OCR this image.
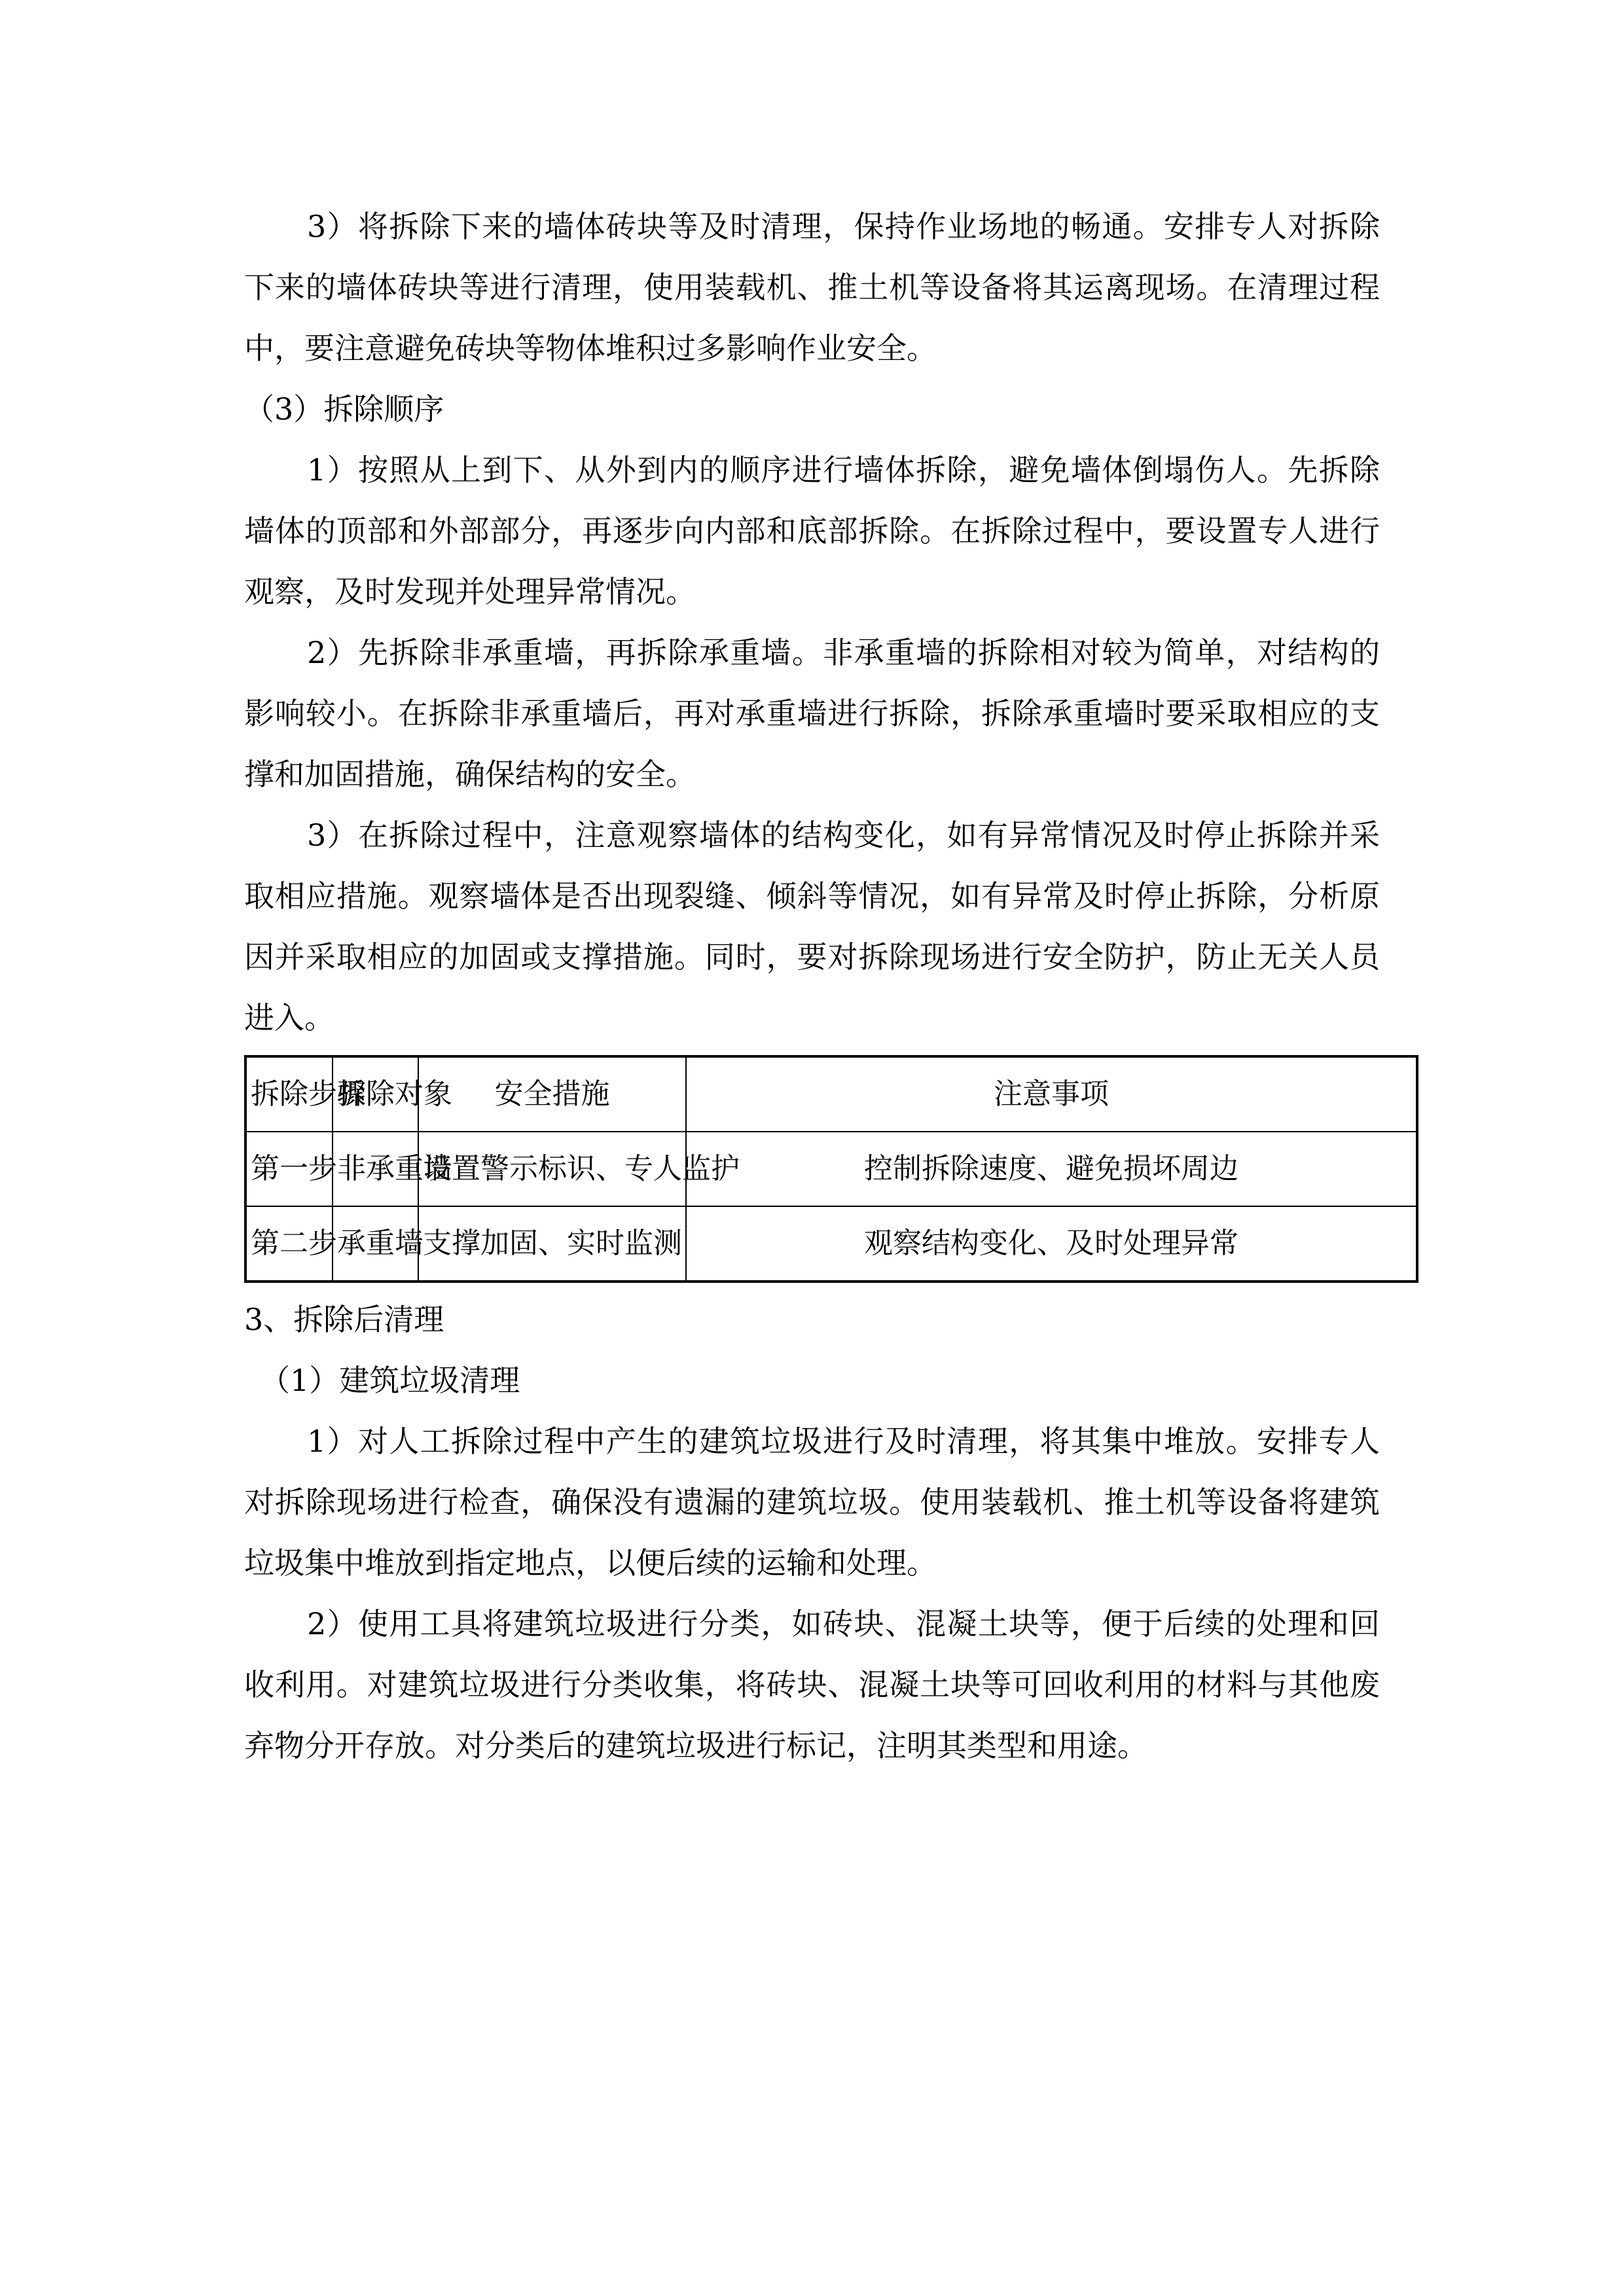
3）将拆除下来的墙体砖块等及时清理，保持作业场地的畅通。安排专人对拆除下来的墙体砖块等进行清理，使用装载机、推土机等设备将其运离现场。在清理过程中，要注意避免砖块等物体堆积过多影响作业安全。

（3）拆除顺序

1）按照从上到下、从外到内的顺序进行墙体拆除，避免墙体倒塌伤人。先拆除墙体的顶部和外部部分，再逐步向内部和底部拆除。在拆除过程中，要设置专人进行观察，及时发现并处理异常情况。

2）先拆除非承重墙，再拆除承重墙。非承重墙的拆除相对较为简单，对结构的影响较小。在拆除非承重墙后，再对承重墙进行拆除，拆除承重墙时要采取相应的支撑和加固措施，确保结构的安全。

3）在拆除过程中，注意观察墙体的结构变化，如有异常情况及时停止拆除并采取相应措施。观察墙体是否出现裂缝、倾斜等情况，如有异常及时停止拆除，分析原因并采取相应的加固或支撑措施。同时，要对拆除现场进行安全防护，防止无关人员进入。

拆除步骤	拆除对象	安全措施	注意事项
第一步	非承重墙	设置警示标识、专人监护	控制拆除速度、避免损坏周边
第二步	承重墙	支撑加固、实时监测	观察结构变化、及时处理异常

3、拆除后清理

（1）建筑垃圾清理

1）对人工拆除过程中产生的建筑垃圾进行及时清理，将其集中堆放。安排专人对拆除现场进行检查，确保没有遗漏的建筑垃圾。使用装载机、推土机等设备将建筑垃圾集中堆放到指定地点，以便后续的运输和处理。

2）使用工具将建筑垃圾进行分类，如砖块、混凝土块等，便于后续的处理和回收利用。对建筑垃圾进行分类收集，将砖块、混凝土块等可回收利用的材料与其他废弃物分开存放。对分类后的建筑垃圾进行标记，注明其类型和用途。
